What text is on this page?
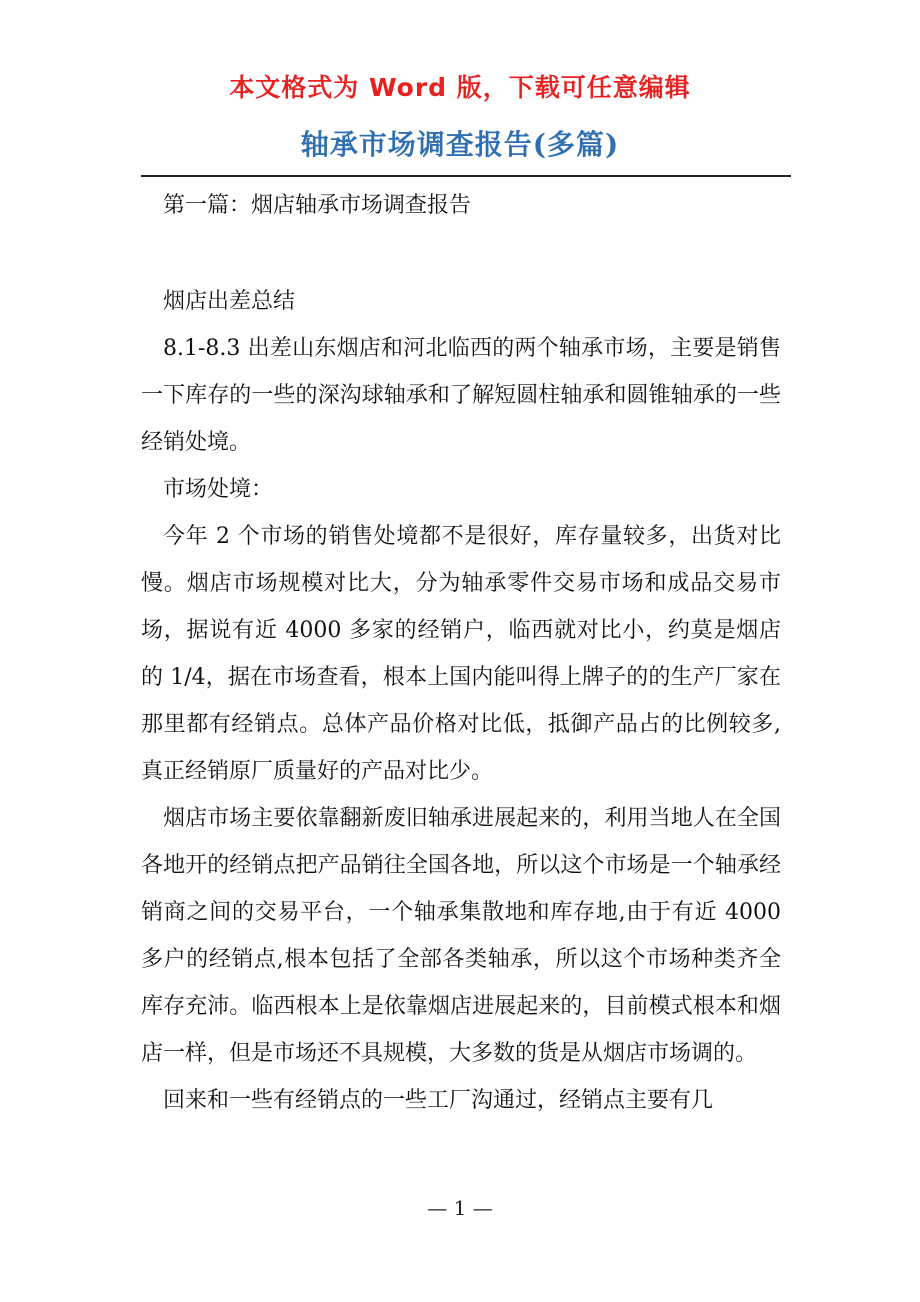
本文格式为 Word 版，下载可任意编辑
轴承市场调查报告(多篇)

第一篇：烟店轴承市场调查报告

烟店出差总结

8.1-8.3 出差山东烟店和河北临西的两个轴承市场，主要是销售一下库存的一些的深沟球轴承和了解短圆柱轴承和圆锥轴承的一些经销处境。

市场处境：

今年 2 个市场的销售处境都不是很好，库存量较多，出货对比慢。烟店市场规模对比大，分为轴承零件交易市场和成品交易市场，据说有近 4000 多家的经销户，临西就对比小，约莫是烟店的 1/4，据在市场查看，根本上国内能叫得上牌子的的生产厂家在那里都有经销点。总体产品价格对比低，抵御产品占的比例较多,真正经销原厂质量好的产品对比少。

烟店市场主要依靠翻新废旧轴承进展起来的，利用当地人在全国各地开的经销点把产品销往全国各地，所以这个市场是一个轴承经销商之间的交易平台，一个轴承集散地和库存地,由于有近 4000 多户的经销点,根本包括了全部各类轴承，所以这个市场种类齐全库存充沛。临西根本上是依靠烟店进展起来的，目前模式根本和烟店一样，但是市场还不具规模，大多数的货是从烟店市场调的。

回来和一些有经销点的一些工厂沟通过，经销点主要有几

— 1 —
